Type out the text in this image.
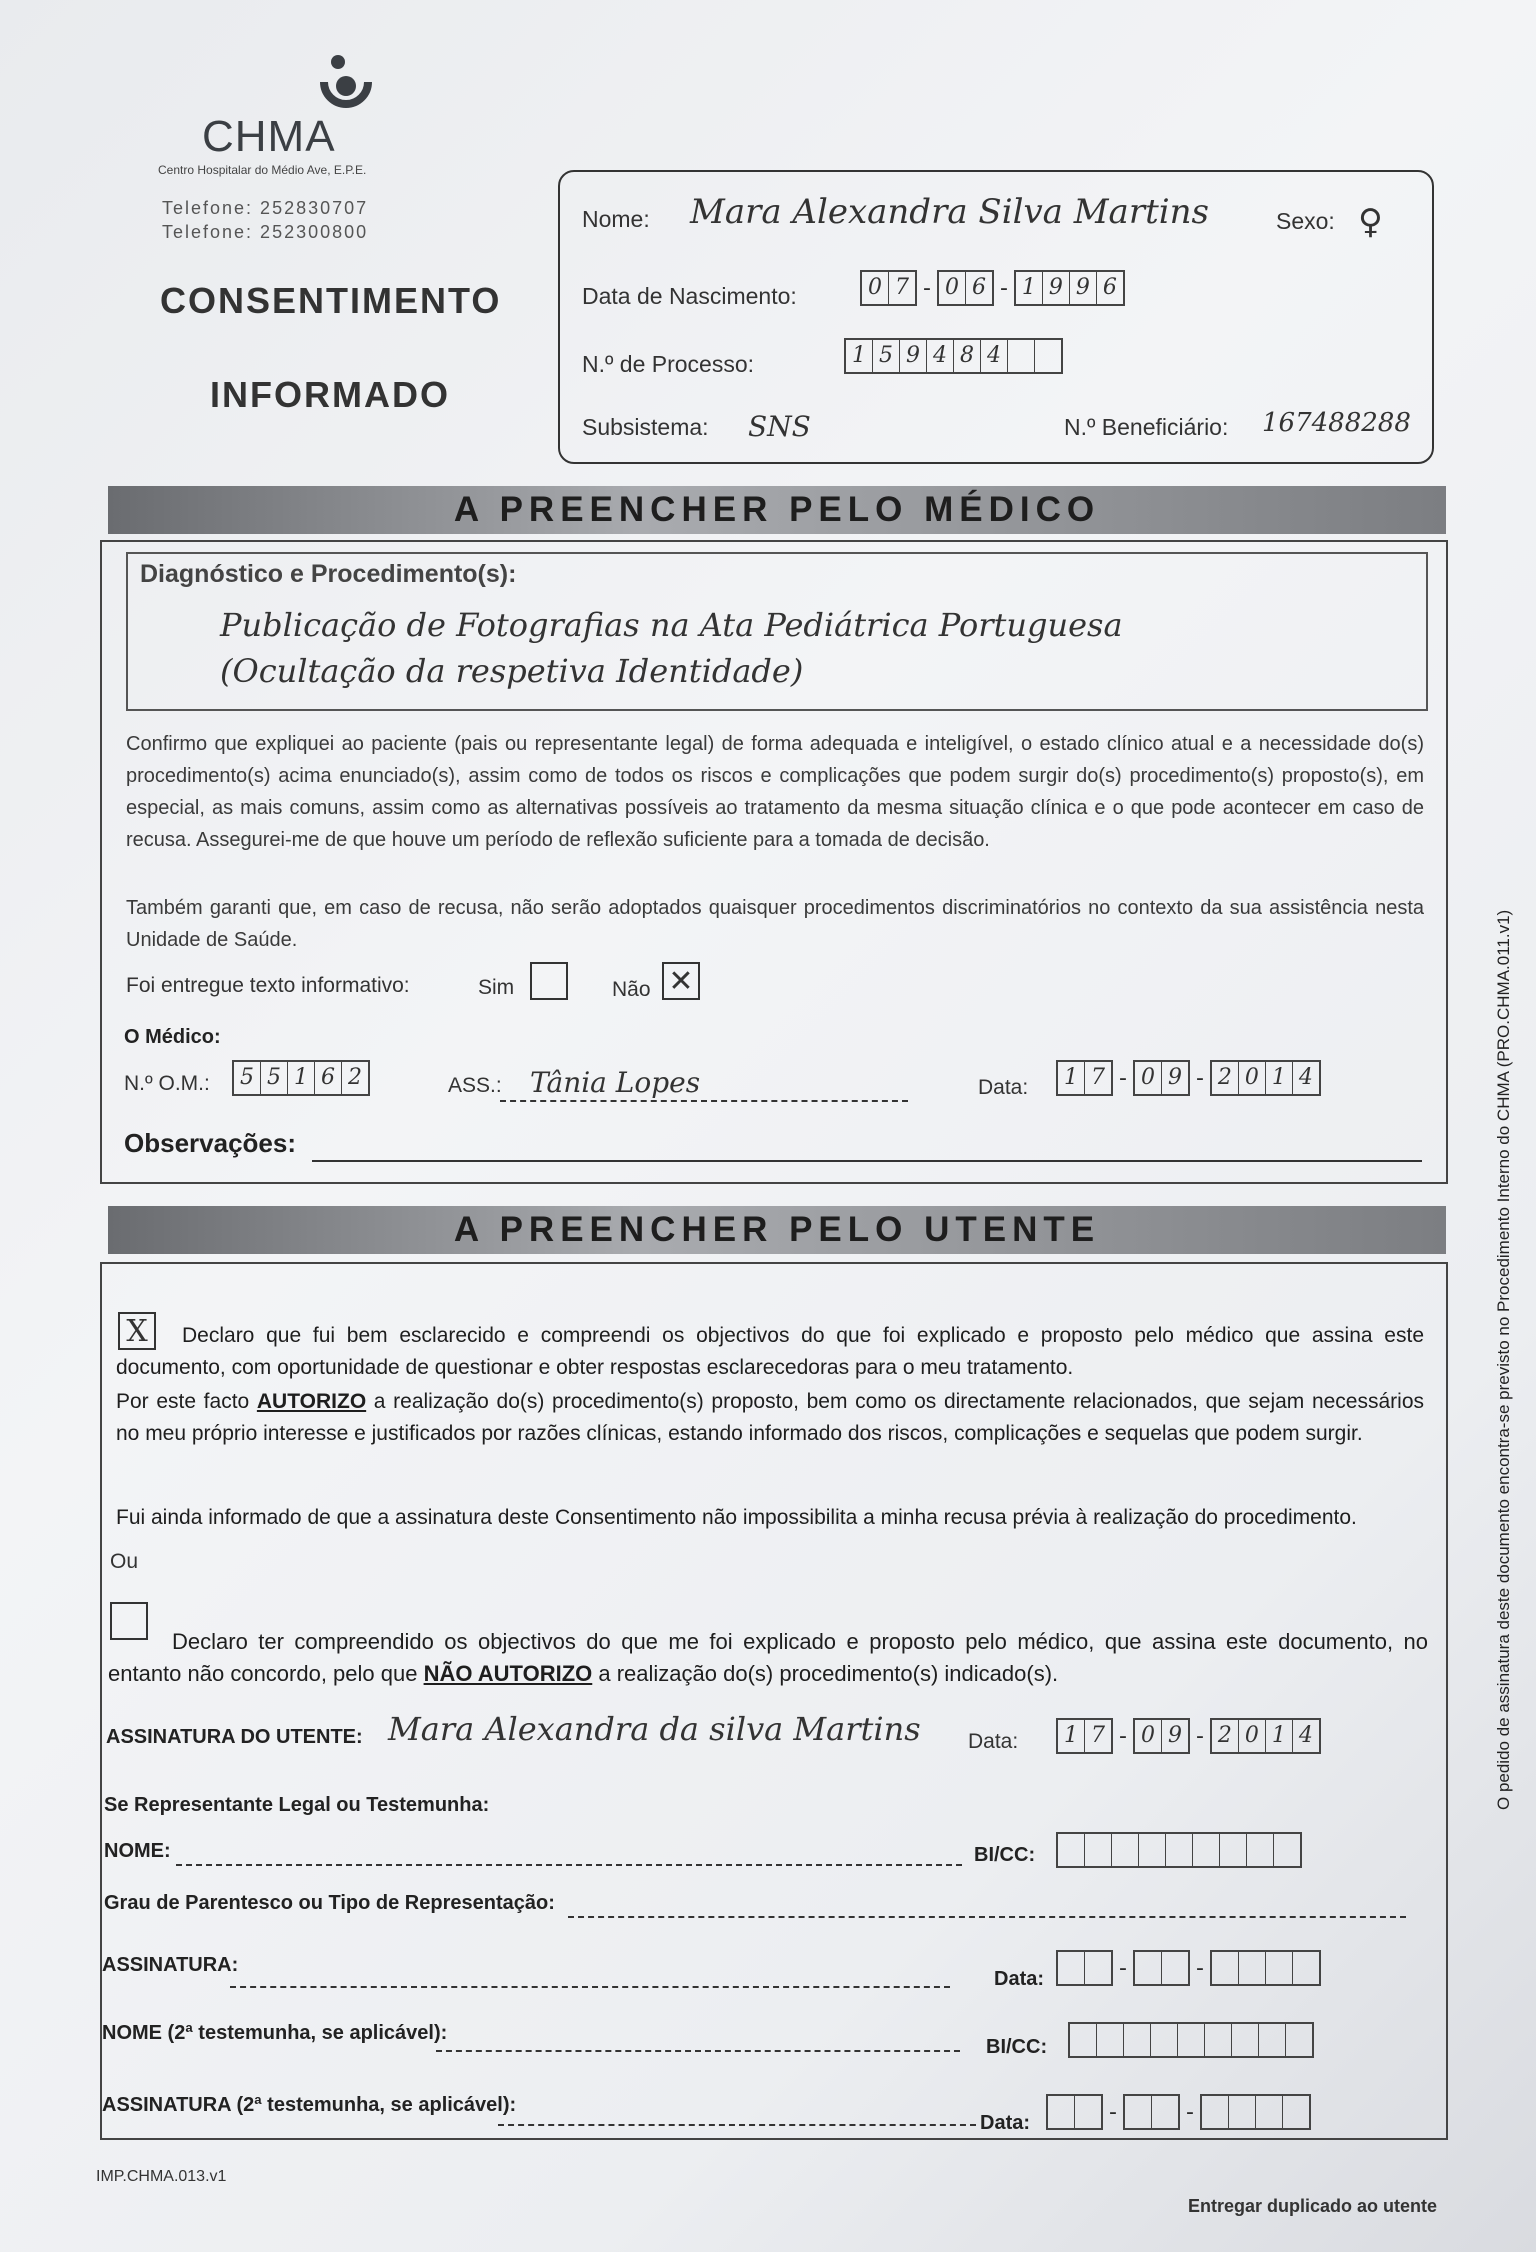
CHMA
Centro Hospitalar do Médio Ave, E.P.E.
Telefone: 252830707
Telefone: 252300800
CONSENTIMENTO
INFORMADO
Nome: Mara Alexandra Silva Martins	Sexo: ♀
Data de Nascimento:	0 7 - 0 6 - 1 9 9 6
N.º de Processo:	1 5 9 4 8 4
Subsistema: SNS	N.º Beneficiário: 167488288
A PREENCHER PELO MÉDICO
Diagnóstico e Procedimento(s):
Publicação de Fotografias na Ata Pediátrica Portuguesa
(Ocultação da respetiva Identidade)
Confirmo que expliquei ao paciente (pais ou representante legal) de forma adequada e inteligível, o estado clínico atual e a necessidade do(s) procedimento(s) acima enunciado(s), assim como de todos os riscos e complicações que podem surgir do(s) procedimento(s) proposto(s), em especial, as mais comuns, assim como as alternativas possíveis ao tratamento da mesma situação clínica e o que pode acontecer em caso de recusa. Assegurei-me de que houve um período de reflexão suficiente para a tomada de decisão.
Também garanti que, em caso de recusa, não serão adoptados quaisquer procedimentos discriminatórios no contexto da sua assistência nesta Unidade de Saúde.
Foi entregue texto informativo:	Sim	Não ✕
O Médico:
N.º O.M.: 5 5 1 6 2	ASS.: Tânia Lopes	Data: 1 7 - 0 9 - 2 0 1 4
Observações:
A PREENCHER PELO UTENTE
X	Declaro que fui bem esclarecido e compreendi os objectivos do que foi explicado e proposto pelo médico que assina este documento, com oportunidade de questionar e obter respostas esclarecedoras para o meu tratamento.
Por este facto AUTORIZO a realização do(s) procedimento(s) proposto, bem como os directamente relacionados, que sejam necessários no meu próprio interesse e justificados por razões clínicas, estando informado dos riscos, complicações e sequelas que podem surgir.
Fui ainda informado de que a assinatura deste Consentimento não impossibilita a minha recusa prévia à realização do procedimento.
Ou
Declaro ter compreendido os objectivos do que me foi explicado e proposto pelo médico, que assina este documento, no entanto não concordo, pelo que NÃO AUTORIZO a realização do(s) procedimento(s) indicado(s).
ASSINATURA DO UTENTE: Mara Alexandra da silva Martins Data: 1 7 - 0 9 - 2 0 1 4
Se Representante Legal ou Testemunha:
NOME:	BI/CC:
Grau de Parentesco ou Tipo de Representação:
ASSINATURA:
Data:	-	-
NOME (2ª testemunha, se aplicável):
BI/CC:
ASSINATURA (2ª testemunha, se aplicável):
Data:	-	-
IMP.CHMA.013.v1
Entregar duplicado ao utente
O pedido de assinatura deste documento encontra-se previsto no Procedimento Interno do CHMA (PRO.CHMA.011.v1)
